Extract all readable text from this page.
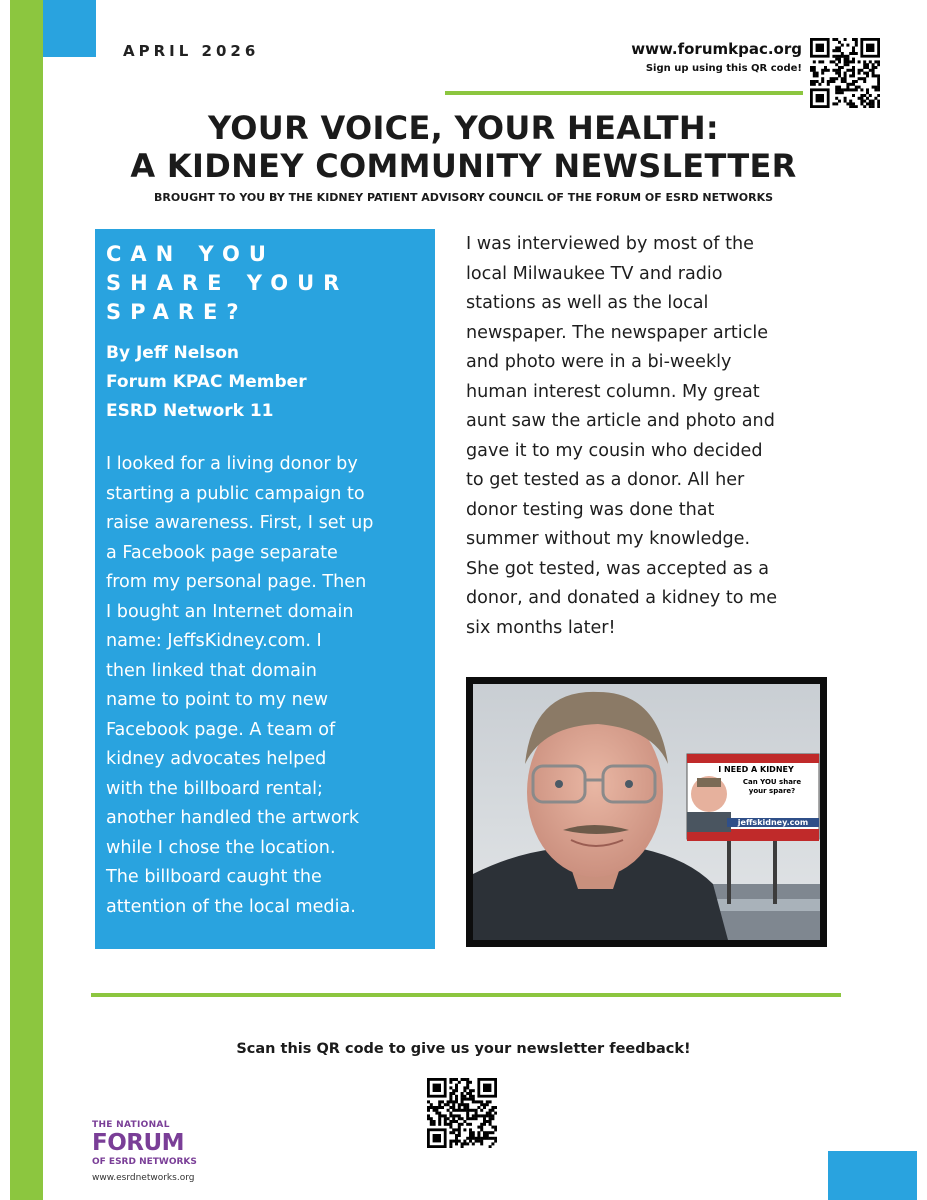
APRIL 2026	www.forumkpac.org
Sign up using this QR code!
YOUR VOICE, YOUR HEALTH:
A KIDNEY COMMUNITY NEWSLETTER
BROUGHT TO YOU BY THE KIDNEY PATIENT ADVISORY COUNCIL OF THE FORUM OF ESRD NETWORKS
CAN YOU
SHARE YOUR
SPARE?
By Jeff Nelson
Forum KPAC Member
ESRD Network 11
I looked for a living donor by
starting a public campaign to
raise awareness. First, I set up
a Facebook page separate
from my personal page. Then
I bought an Internet domain
name: JeffsKidney.com. I
then linked that domain
name to point to my new
Facebook page. A team of
kidney advocates helped
with the billboard rental;
another handled the artwork
while I chose the location.
The billboard caught the
attention of the local media.
I was interviewed by most of the
local Milwaukee TV and radio
stations as well as the local
newspaper. The newspaper article
and photo were in a bi-weekly
human interest column. My great
aunt saw the article and photo and
gave it to my cousin who decided
to get tested as a donor. All her
donor testing was done that
summer without my knowledge.
She got tested, was accepted as a
donor, and donated a kidney to me
six months later!
I NEED A KIDNEY
Can YOU share
your spare?
jeffskidney.com
Scan this QR code to give us your newsletter feedback!
THE NATIONAL
FORUM
OF ESRD NETWORKS
www.esrdnetworks.org
